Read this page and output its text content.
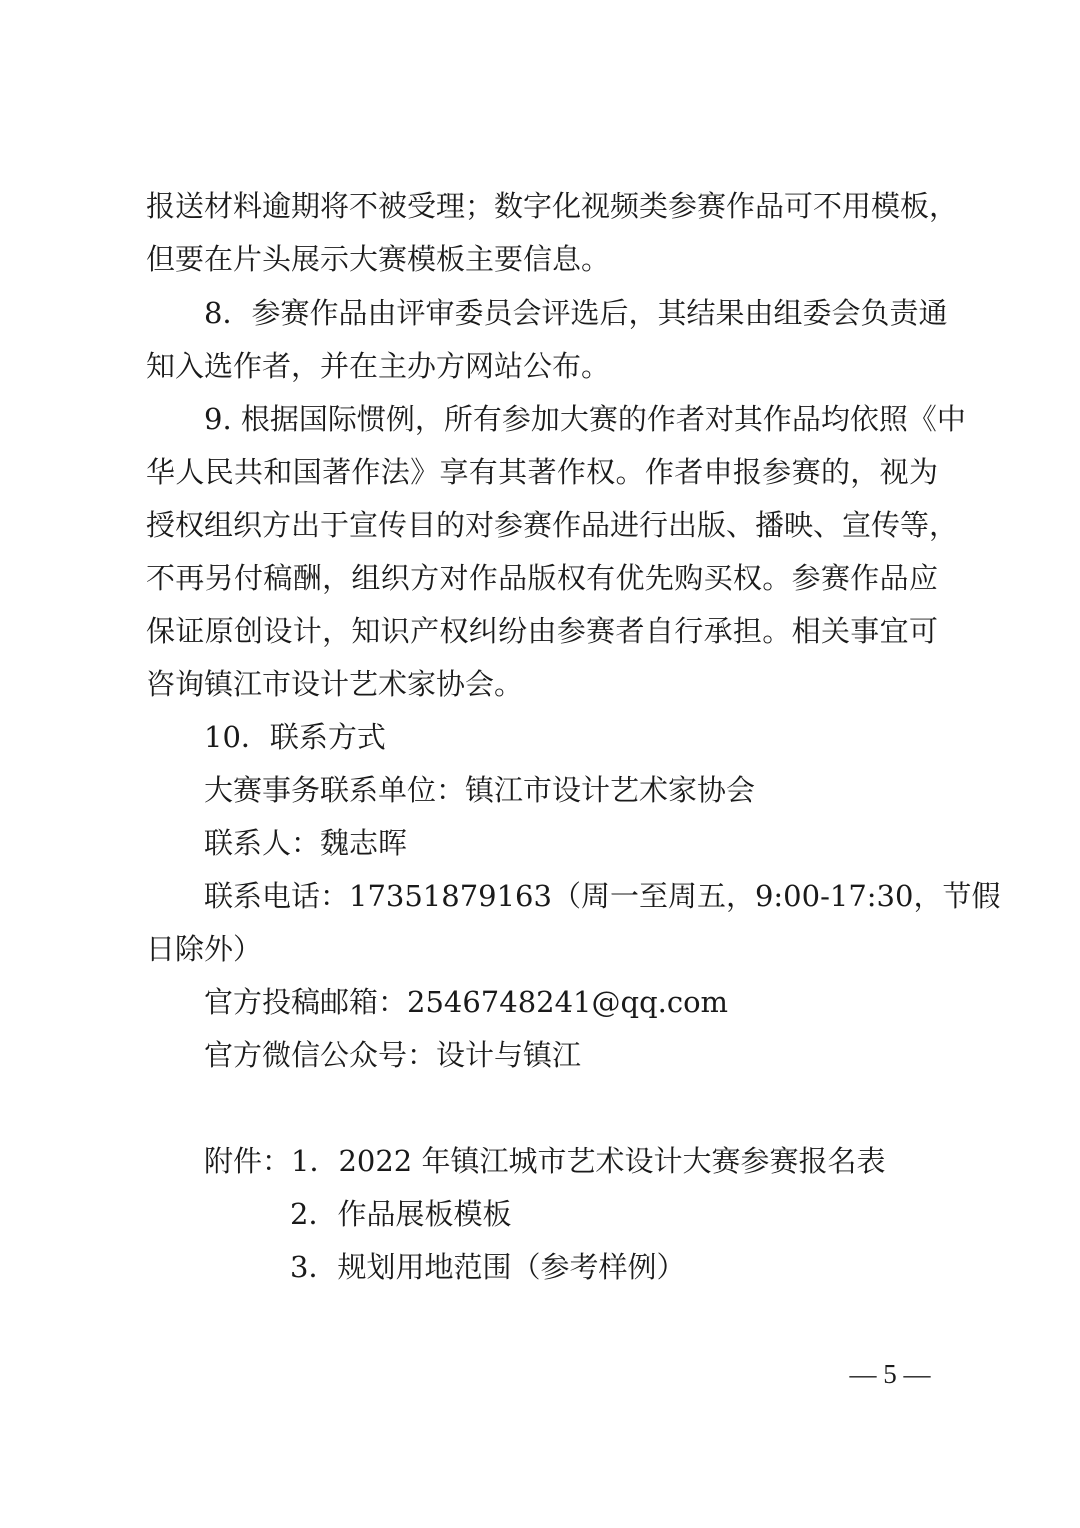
报送材料逾期将不被受理；数字化视频类参赛作品可不用模板，
但要在片头展示大赛模板主要信息。
8．参赛作品由评审委员会评选后，其结果由组委会负责通
知入选作者，并在主办方网站公布。
9. 根据国际惯例，所有参加大赛的作者对其作品均依照《中
华人民共和国著作法》享有其著作权。作者申报参赛的，视为
授权组织方出于宣传目的对参赛作品进行出版、播映、宣传等，
不再另付稿酬，组织方对作品版权有优先购买权。参赛作品应
保证原创设计，知识产权纠纷由参赛者自行承担。相关事宜可
咨询镇江市设计艺术家协会。
10．联系方式
大赛事务联系单位：镇江市设计艺术家协会
联系人：魏志晖
联系电话：17351879163（周一至周五，9:00-17:30，节假
日除外）
官方投稿邮箱：2546748241@qq.com
官方微信公众号：设计与镇江
附件：1．2022 年镇江城市艺术设计大赛参赛报名表
2．作品展板模板
3．规划用地范围（参考样例）
— 5 —
